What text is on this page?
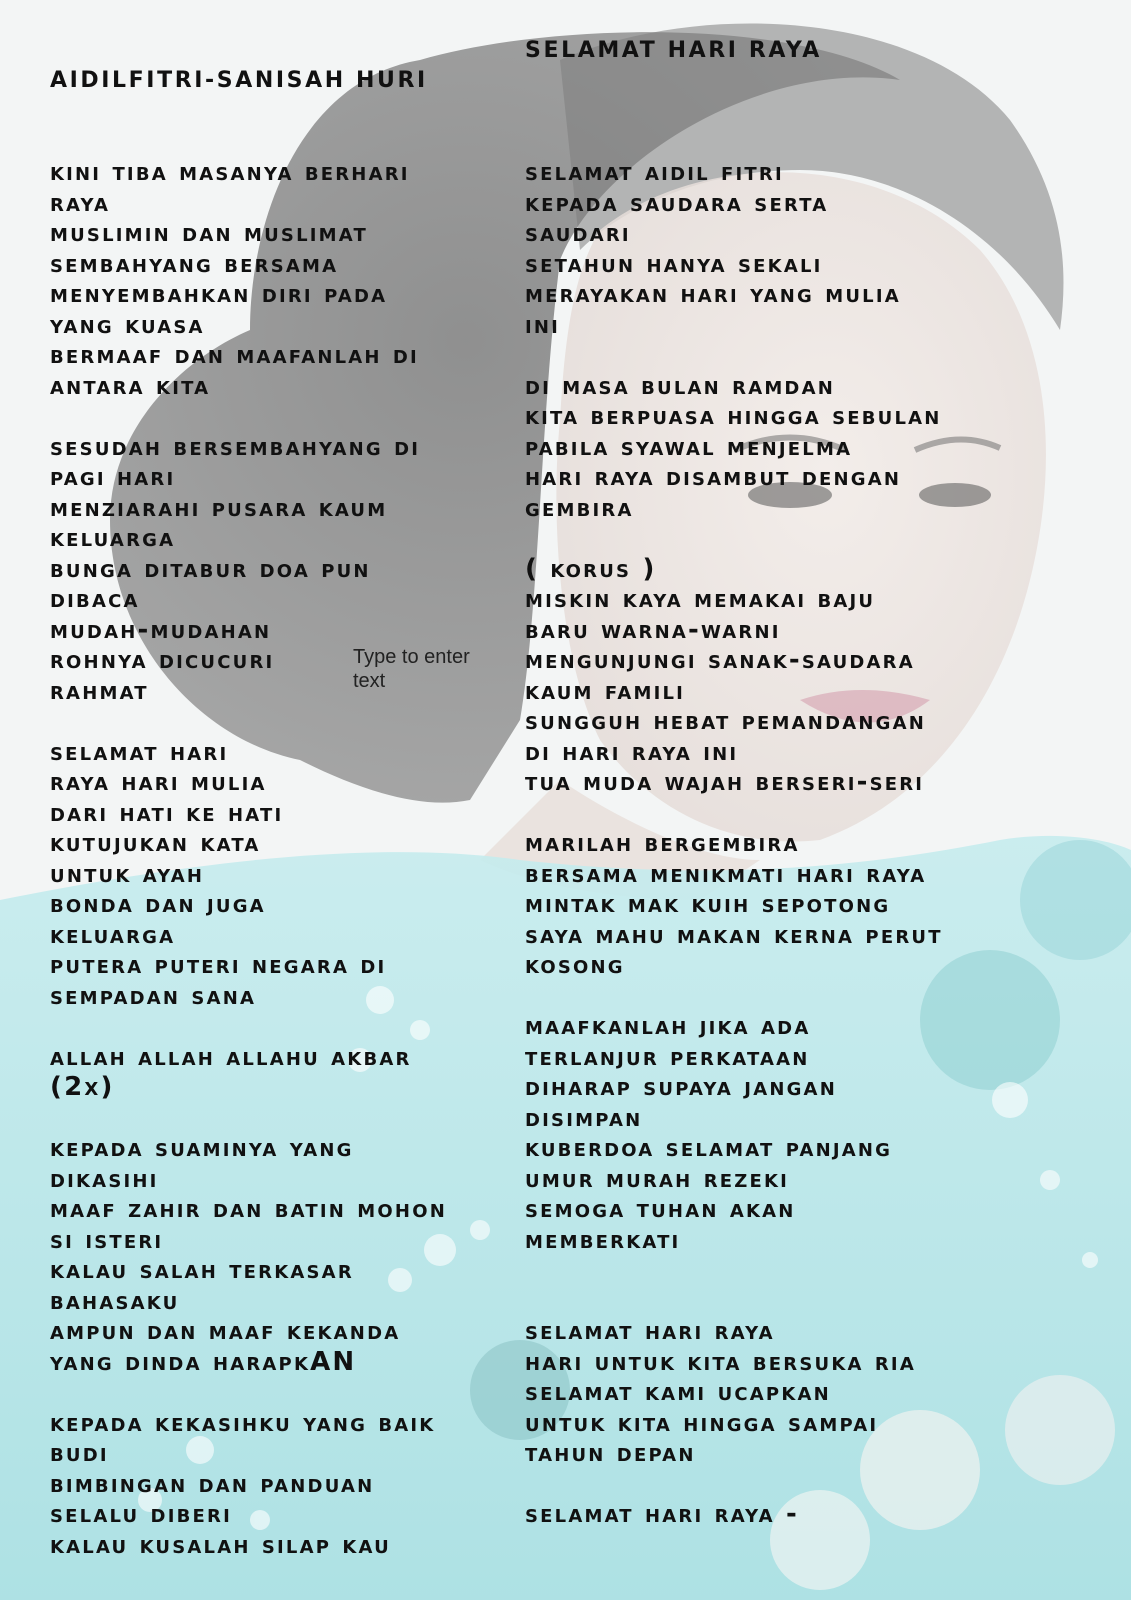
AIDILFITRI-SANISAH HURI
SELAMAT HARI RAYA
kini tiba masanya berhari
raya
muslimin dan muslimat
sembahyang bersama
menyembahkan diri pada
yang kuasa
bermaaf dan maafanlah di
antara kita
sesudah bersembahyang di
pagi hari
menziarahi pusara kaum
keluarga
bunga ditabur doa pun
dibaca
mudah-mudahan
rohnya dicucuri
rahmat
selamat hari
raya hari mulia
dari hati ke hati
kutujukan kata
untuk ayah
bonda dan juga
keluarga
putera puteri negara di
sempadan sana
allah allah allahu akbar
(2x)
kepada suaminya yang
dikasihi
maaf zahir dan batin mohon
si isteri
kalau salah terkasar
bahasaku
ampun dan maaf kekanda
yang dinda harapkAN
kepada kekasihku yang baik
budi
bimbingan dan panduan
selalu diberi
kalau kusalah silap kau
selamat aidil fitri
kepada saudara serta
saudari
setahun hanya sekali
merayakan hari yang mulia
ini
di masa bulan ramdan
kita berpuasa hingga sebulan
pabila syawal menjelma
hari raya disambut dengan
gembira
( korus )
miskin kaya memakai baju
baru warna-warni
mengunjungi sanak-saudara
kaum famili
sungguh hebat pemandangan
di hari raya ini
tua muda wajah berseri-seri
marilah bergembira
bersama menikmati hari raya
mintak mak kuih sepotong
saya mahu makan kerna perut
kosong
maafkanlah jika ada
terlanjur perkataan
diharap supaya jangan
disimpan
kuberdoa selamat panjang
umur murah rezeki
semoga tuhan akan
memberkati
selamat hari raya
hari untuk kita bersuka ria
selamat kami ucapkan
untuk kita hingga sampai
tahun depan
selamat hari raya -
Type to enter text
